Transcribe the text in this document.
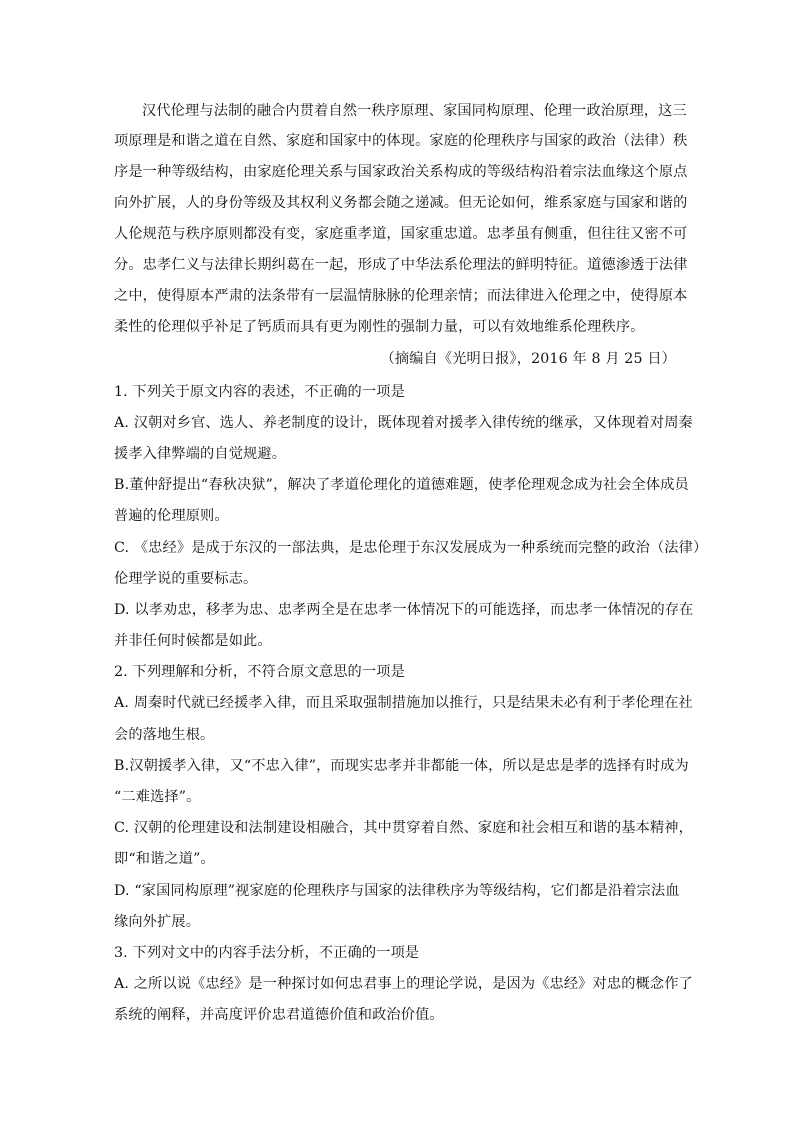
汉代伦理与法制的融合内贯着自然一秩序原理、家国同构原理、伦理一政治原理，这三
项原理是和谐之道在自然、家庭和国家中的体现。家庭的伦理秩序与国家的政治（法律）秩
序是一种等级结构，由家庭伦理关系与国家政治关系构成的等级结构沿着宗法血缘这个原点
向外扩展，人的身份等级及其权利义务都会随之递减。但无论如何，维系家庭与国家和谐的
人伦规范与秩序原则都没有变，家庭重孝道，国家重忠道。忠孝虽有侧重，但往往又密不可
分。忠孝仁义与法律长期纠葛在一起，形成了中华法系伦理法的鲜明特征。道德渗透于法律
之中，使得原本严肃的法条带有一层温情脉脉的伦理亲情；而法律进入伦理之中，使得原本
柔性的伦理似乎补足了钙质而具有更为刚性的强制力量，可以有效地维系伦理秩序。
（摘编自《光明日报》，2016 年 8 月 25 日）
1. 下列关于原文内容的表述，不正确的一项是
A. 汉朝对乡官、选人、养老制度的设计，既体现着对援孝入律传统的继承，又体现着对周秦
援孝入律弊端的自觉规避。
B.董仲舒提出“春秋决狱”，解决了孝道伦理化的道德难题，使孝伦理观念成为社会全体成员
普遍的伦理原则。
C. 《忠经》是成于东汉的一部法典，是忠伦理于东汉发展成为一种系统而完整的政治（法律）
伦理学说的重要标志。
D. 以孝劝忠，移孝为忠、忠孝两全是在忠孝一体情况下的可能选择，而忠孝一体情况的存在
并非任何时候都是如此。
2. 下列理解和分析，不符合原文意思的一项是
A. 周秦时代就已经援孝入律，而且采取强制措施加以推行，只是结果未必有利于孝伦理在社
会的落地生根。
B.汉朝援孝入律，又“不忠入律”，而现实忠孝并非都能一体，所以是忠是孝的选择有时成为
“二难选择”。
C. 汉朝的伦理建设和法制建设相融合，其中贯穿着自然、家庭和社会相互和谐的基本精神，
即“和谐之道”。
D. “家国同构原理”视家庭的伦理秩序与国家的法律秩序为等级结构，它们都是沿着宗法血
缘向外扩展。
3. 下列对文中的内容手法分析，不正确的一项是
A. 之所以说《忠经》是一种探讨如何忠君事上的理论学说，是因为《忠经》对忠的概念作了
系统的阐释，并高度评价忠君道德价值和政治价值。
